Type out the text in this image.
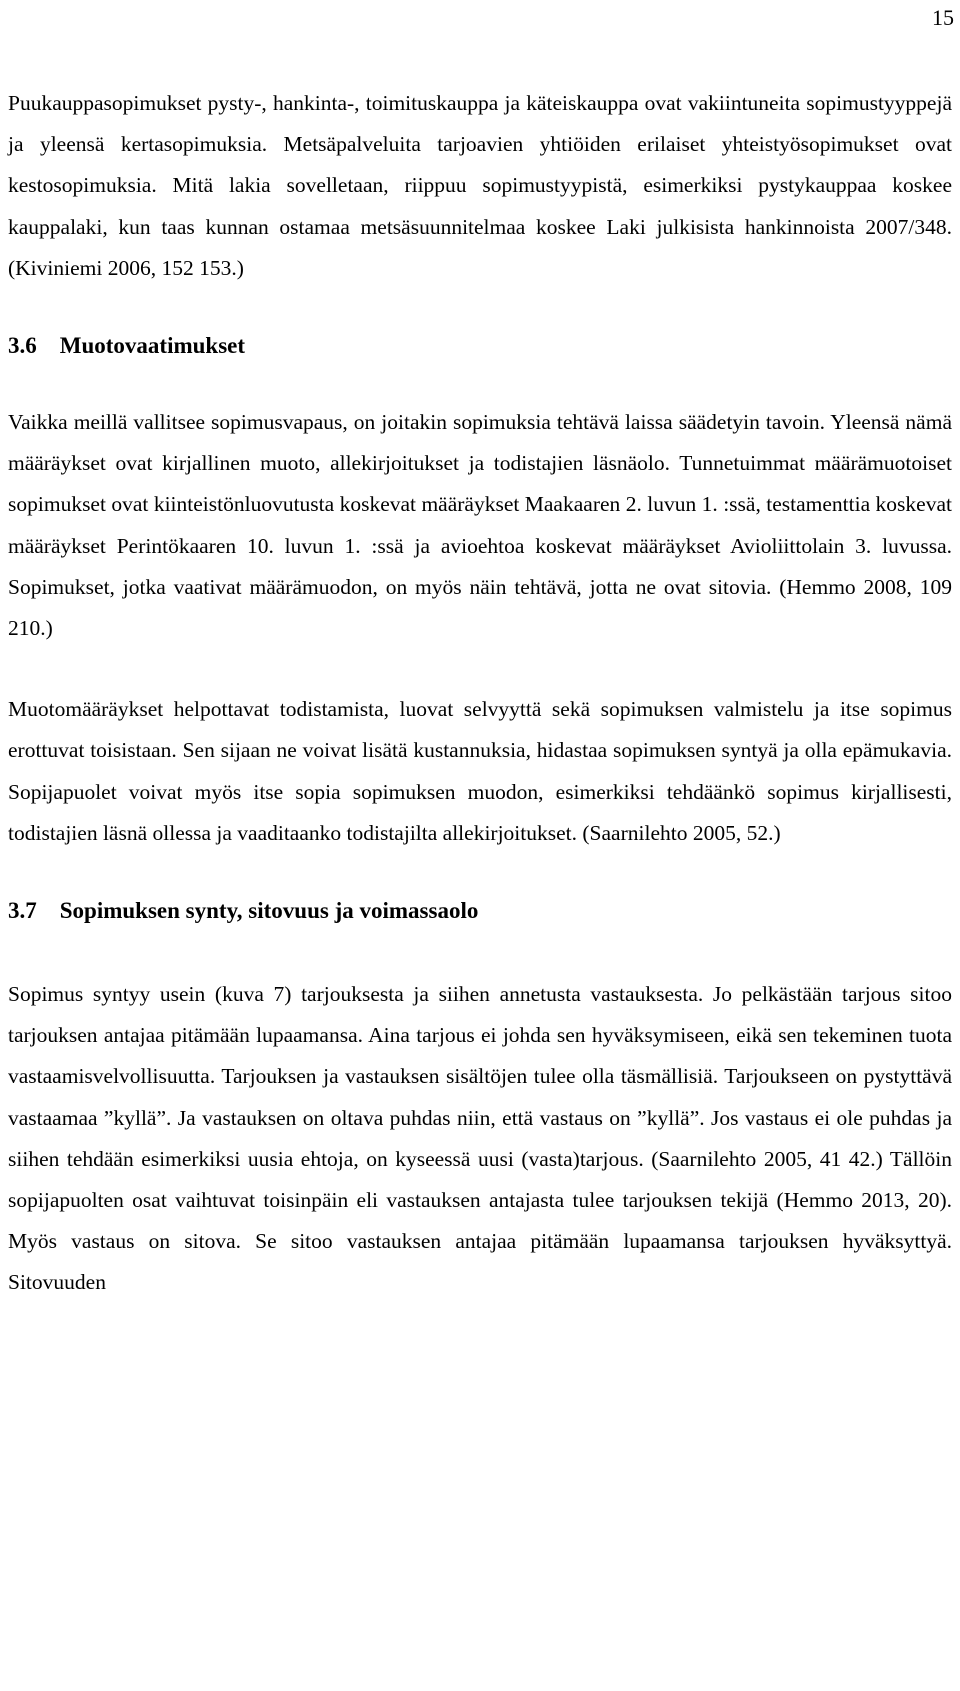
15

Puukauppasopimukset pysty-, hankinta-, toimituskauppa ja käteiskauppa ovat vakiintuneita sopimustyyppejä ja yleensä kertasopimuksia. Metsäpalveluita tarjoavien yhtiöiden erilaiset yhteistyösopimukset ovat kestosopimuksia. Mitä lakia sovelletaan, riippuu sopimustyypistä, esimerkiksi pystykauppaa koskee kauppalaki, kun taas kunnan ostamaa metsäsuunnitelmaa koskee Laki julkisista hankinnoista 2007/348. (Kiviniemi 2006, 152 153.)

3.6 Muotovaatimukset

Vaikka meillä vallitsee sopimusvapaus, on joitakin sopimuksia tehtävä laissa säädetyin tavoin. Yleensä nämä määräykset ovat kirjallinen muoto, allekirjoitukset ja todistajien läsnäolo. Tunnetuimmat määrämuotoiset sopimukset ovat kiinteistönluovutusta koskevat määräykset Maakaaren 2. luvun 1. :ssä, testamenttia koskevat määräykset Perintökaaren 10. luvun 1. :ssä ja avioehtoa koskevat määräykset Avioliittolain 3. luvussa. Sopimukset, jotka vaativat määrämuodon, on myös näin tehtävä, jotta ne ovat sitovia. (Hemmo 2008, 109 210.)

Muotomääräykset helpottavat todistamista, luovat selvyyttä sekä sopimuksen valmistelu ja itse sopimus erottuvat toisistaan. Sen sijaan ne voivat lisätä kustannuksia, hidastaa sopimuksen syntyä ja olla epämukavia. Sopijapuolet voivat myös itse sopia sopimuksen muodon, esimerkiksi tehdäänkö sopimus kirjallisesti, todistajien läsnä ollessa ja vaaditaanko todistajilta allekirjoitukset. (Saarnilehto 2005, 52.)

3.7 Sopimuksen synty, sitovuus ja voimassaolo

Sopimus syntyy usein (kuva 7) tarjouksesta ja siihen annetusta vastauksesta. Jo pelkästään tarjous sitoo tarjouksen antajaa pitämään lupaamansa. Aina tarjous ei johda sen hyväksymiseen, eikä sen tekeminen tuota vastaamisvelvollisuutta. Tarjouksen ja vastauksen sisältöjen tulee olla täsmällisiä. Tarjoukseen on pystyttävä vastaamaa ”kyllä”. Ja vastauksen on oltava puhdas niin, että vastaus on ”kyllä”. Jos vastaus ei ole puhdas ja siihen tehdään esimerkiksi uusia ehtoja, on kyseessä uusi (vasta)tarjous. (Saarnilehto 2005, 41 42.) Tällöin sopijapuolten osat vaihtuvat toisinpäin eli vastauksen antajasta tulee tarjouksen tekijä (Hemmo 2013, 20). Myös vastaus on sitova. Se sitoo vastauksen antajaa pitämään lupaamansa tarjouksen hyväksyttyä. Sitovuuden
